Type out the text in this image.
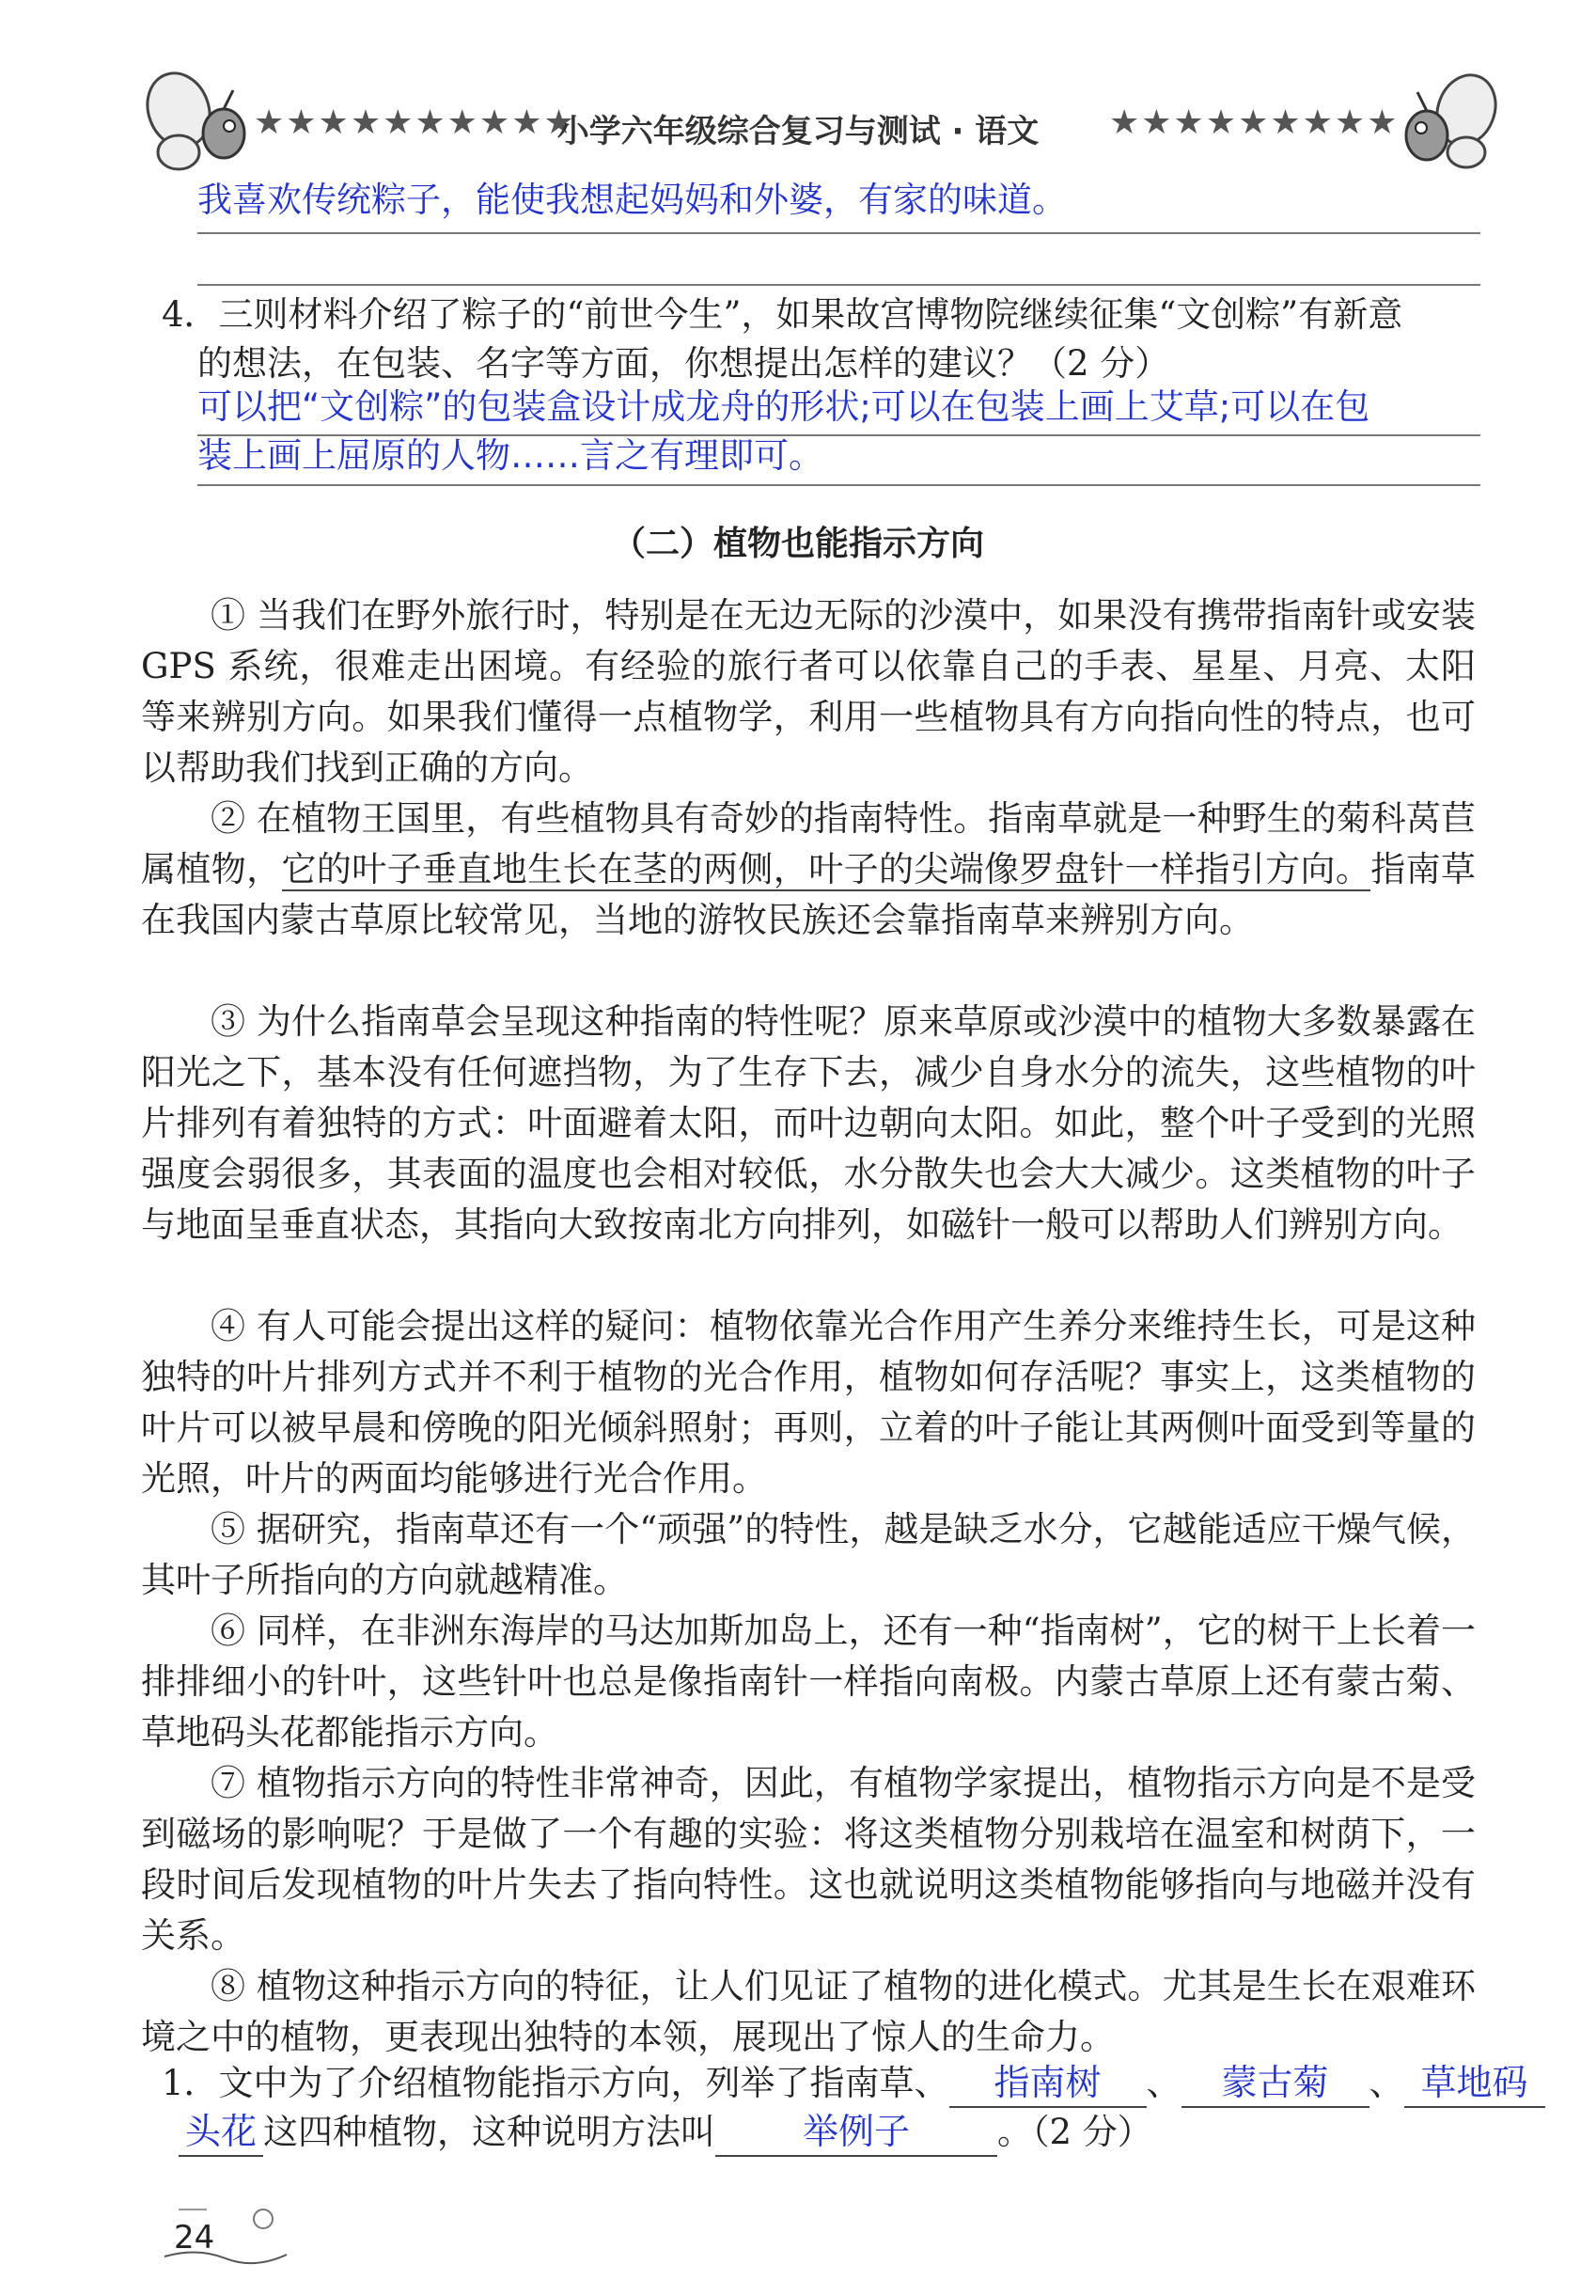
★★★★★★★★★★
小学六年级综合复习与测试 · 语文	★★★★★★★★★
我喜欢传统粽子，能使我想起妈妈和外婆，有家的味道。
4．三则材料介绍了粽子的“前世今生”，如果故宫博物院继续征集“文创粽”有新意
的想法，在包装、名字等方面，你想提出怎样的建议？（2 分）
可以把“文创粽”的包装盒设计成龙舟的形状;可以在包装上画上艾草;可以在包
装上画上屈原的人物……言之有理即可。
（二）植物也能指示方向
① 当我们在野外旅行时，特别是在无边无际的沙漠中，如果没有携带指南针或安装 GPS 系统，很难走出困境。有经验的旅行者可以依靠自己的手表、星星、月亮、太阳等来辨别方向。如果我们懂得一点植物学，利用一些植物具有方向指向性的特点，也可以帮助我们找到正确的方向。
② 在植物王国里，有些植物具有奇妙的指南特性。指南草就是一种野生的菊科莴苣属植物，它的叶子垂直地生长在茎的两侧，叶子的尖端像罗盘针一样指引方向。指南草在我国内蒙古草原比较常见，当地的游牧民族还会靠指南草来辨别方向。
③ 为什么指南草会呈现这种指南的特性呢？原来草原或沙漠中的植物大多数暴露在阳光之下，基本没有任何遮挡物，为了生存下去，减少自身水分的流失，这些植物的叶片排列有着独特的方式：叶面避着太阳，而叶边朝向太阳。如此，整个叶子受到的光照强度会弱很多，其表面的温度也会相对较低，水分散失也会大大减少。这类植物的叶子与地面呈垂直状态，其指向大致按南北方向排列，如磁针一般可以帮助人们辨别方向。
④ 有人可能会提出这样的疑问：植物依靠光合作用产生养分来维持生长，可是这种独特的叶片排列方式并不利于植物的光合作用，植物如何存活呢？事实上，这类植物的叶片可以被早晨和傍晚的阳光倾斜照射；再则，立着的叶子能让其两侧叶面受到等量的光照，叶片的两面均能够进行光合作用。
⑤ 据研究，指南草还有一个“顽强”的特性，越是缺乏水分，它越能适应干燥气候，其叶子所指向的方向就越精准。
⑥ 同样，在非洲东海岸的马达加斯加岛上，还有一种“指南树”，它的树干上长着一排排细小的针叶，这些针叶也总是像指南针一样指向南极。内蒙古草原上还有蒙古菊、草地码头花都能指示方向。
⑦ 植物指示方向的特性非常神奇，因此，有植物学家提出，植物指示方向是不是受到磁场的影响呢？于是做了一个有趣的实验：将这类植物分别栽培在温室和树荫下，一段时间后发现植物的叶片失去了指向特性。这也就说明这类植物能够指向与地磁并没有关系。
⑧ 植物这种指示方向的特征，让人们见证了植物的进化模式。尤其是生长在艰难环境之中的植物，更表现出独特的本领，展现出了惊人的生命力。
1．文中为了介绍植物能指示方向，列举了指南草、 指南树 、 蒙古菊 、 草地码
头花 这四种植物，这种说明方法叫 举例子	。（2 分）
24
